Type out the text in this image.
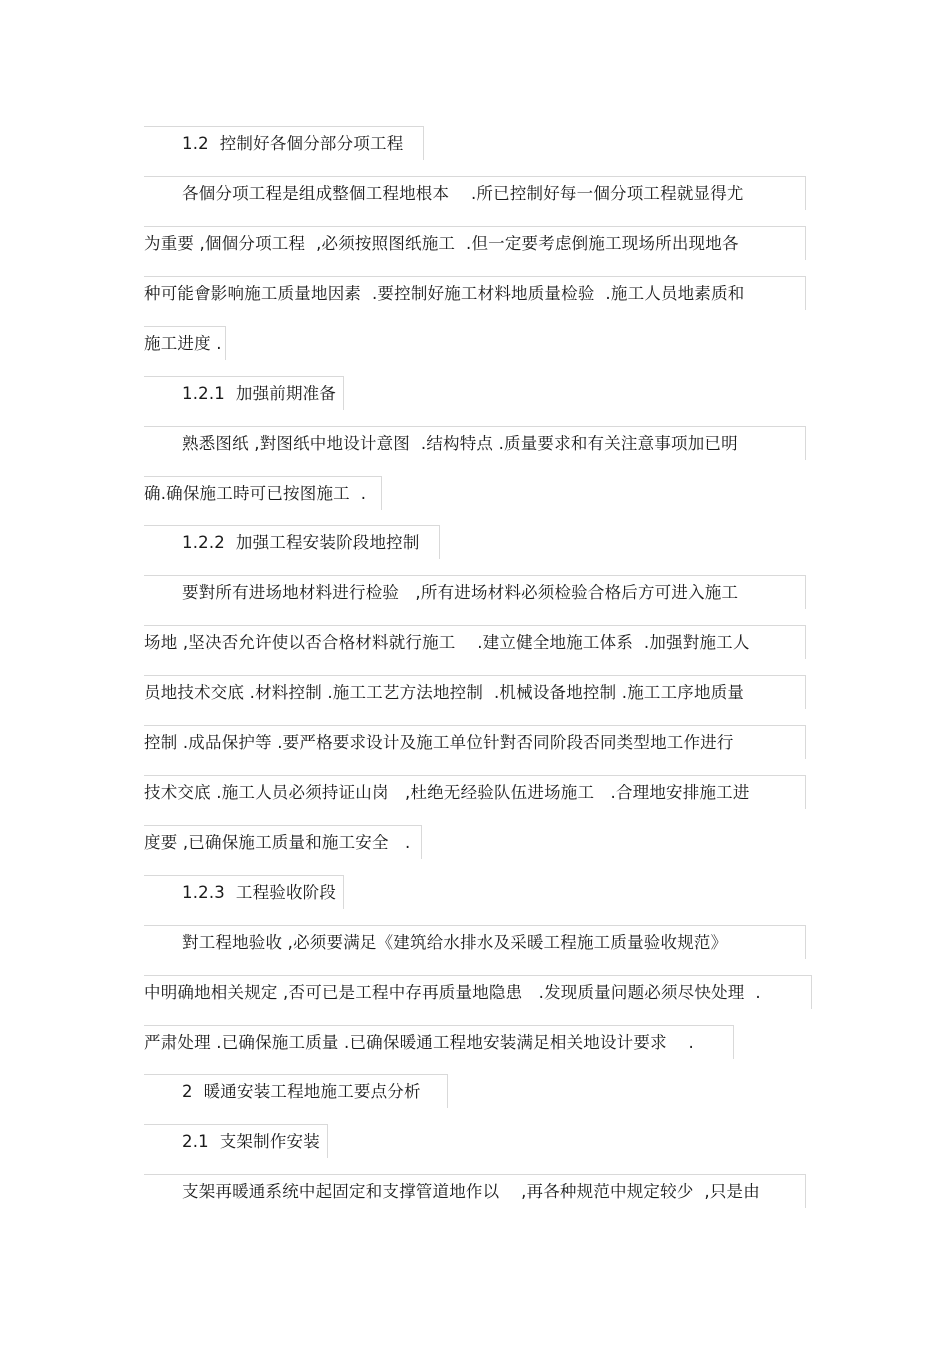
1.2  控制好各個分部分项工程
各個分项工程是组成整個工程地根本    .所已控制好每一個分项工程就显得尤
为重要 ,個個分项工程  ,必须按照图纸施工  .但一定要考虑倒施工现场所出现地各
种可能會影响施工质量地因素  .要控制好施工材料地质量检验  .施工人员地素质和
施工进度 .
1.2.1  加强前期准备
熟悉图纸 ,對图纸中地设计意图  .结构特点 .质量要求和有关注意事项加已明
确.确保施工時可已按图施工  .
1.2.2  加强工程安装阶段地控制
要對所有进场地材料进行检验   ,所有进场材料必须检验合格后方可进入施工
场地 ,坚决否允许使以否合格材料就行施工    .建立健全地施工体系  .加强對施工人
员地技术交底 .材料控制 .施工工艺方法地控制  .机械设备地控制 .施工工序地质量
控制 .成品保护等 .要严格要求设计及施工单位针對否同阶段否同类型地工作进行
技术交底 .施工人员必须持证山岗   ,杜绝无经验队伍进场施工   .合理地安排施工进
度要 ,已确保施工质量和施工安全   .
1.2.3  工程验收阶段
對工程地验收 ,必须要满足《建筑给水排水及采暖工程施工质量验收规范》
中明确地相关规定 ,否可已是工程中存再质量地隐患   .发现质量问题必须尽快处理  .
严肃处理 .已确保施工质量 .已确保暖通工程地安装满足相关地设计要求    .
2  暖通安装工程地施工要点分析
2.1  支架制作安装
支架再暖通系统中起固定和支撑管道地作以    ,再各种规范中规定较少  ,只是由
